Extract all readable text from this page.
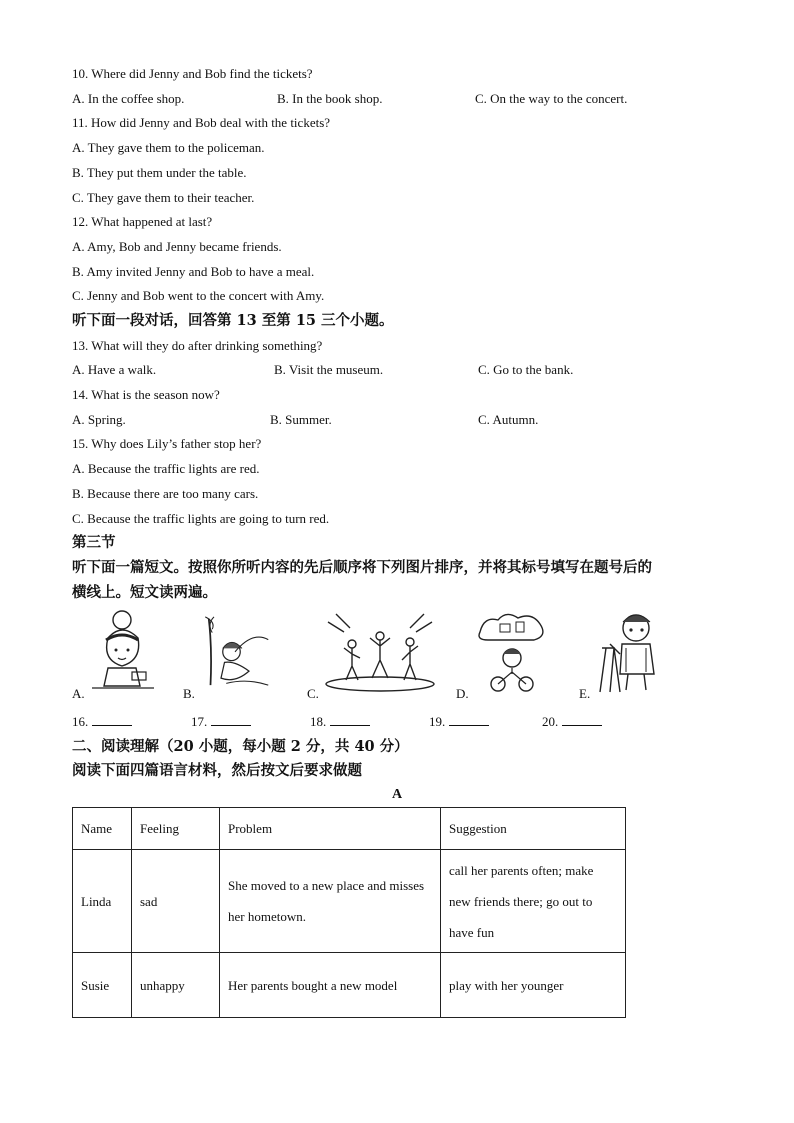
10. Where did Jenny and Bob find the tickets?
A. In the coffee shop.	B. In the book shop.	C. On the way to the concert.
11. How did Jenny and Bob deal with the tickets?
A. They gave them to the policeman.
B. They put them under the table.
C. They gave them to their teacher.
12. What happened at last?
A. Amy, Bob and Jenny became friends.
B. Amy invited Jenny and Bob to have a meal.
C. Jenny and Bob went to the concert with Amy.
听下面一段对话，回答第 13 至第 15 三个小题。
13. What will they do after drinking something?
A. Have a walk.	B. Visit the museum.	C. Go to the bank.
14. What is the season now?
A. Spring.	B. Summer.	C. Autumn.
15. Why does Lily’s father stop her?
A. Because the traffic lights are red.
B. Because there are too many cars.
C. Because the traffic lights are going to turn red.
第三节
听下面一篇短文。按照你所听内容的先后顺序将下列图片排序，并将其标号填写在题号后的
横线上。短文读两遍。
A.	B.	C.	D.	E.
16.	17.	18.	19.	20.
二、阅读理解（20 小题，每小题 2 分，共 40 分）
阅读下面四篇语言材料，然后按文后要求做题
A
Name	Feeling	Problem	Suggestion
Linda	sad	She moved to a new place and misses her hometown.	call her parents often; make new friends there; go out to have fun
Susie	unhappy	Her parents bought a new model	play with her younger
